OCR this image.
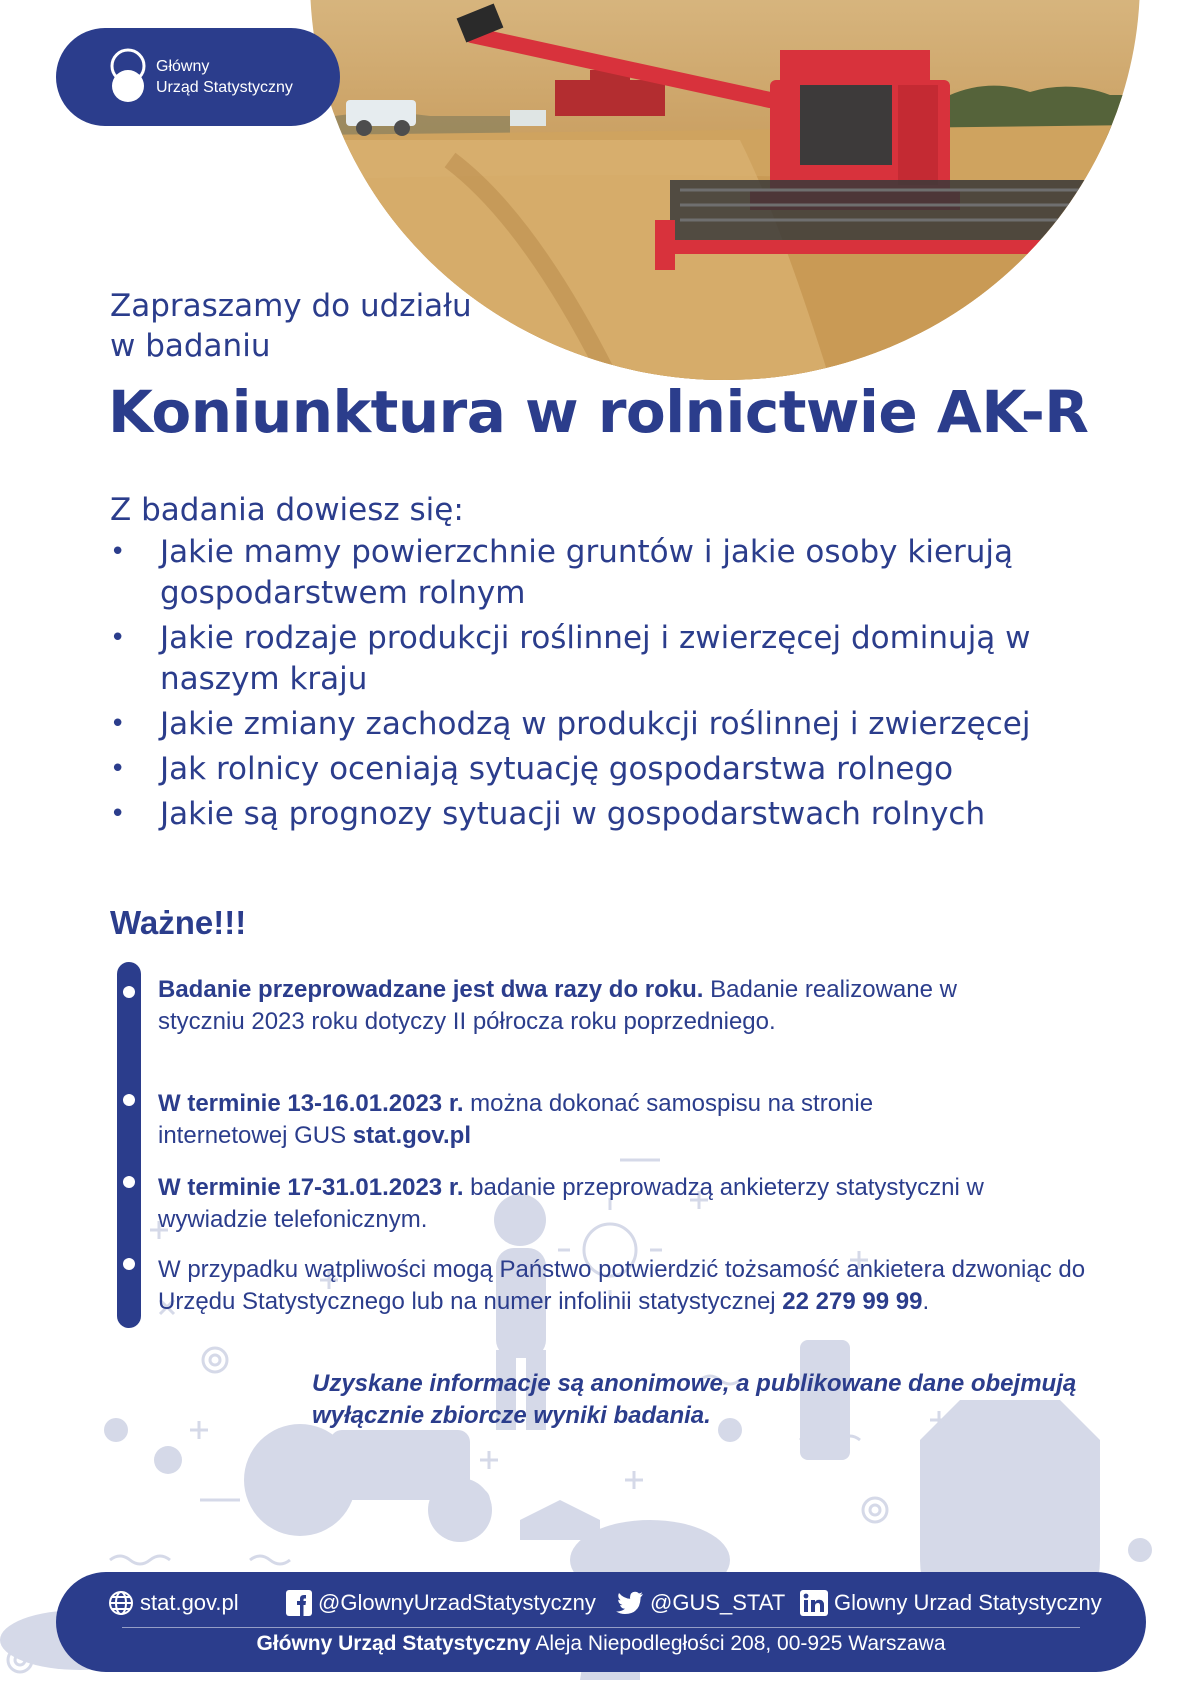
Główny
Urząd Statystyczny
Zapraszamy do udziału
w badaniu
Koniunktura w rolnictwie AK-R
Z badania dowiesz się:
• Jakie mamy powierzchnie gruntów i jakie osoby kierują gospodarstwem rolnym
• Jakie rodzaje produkcji roślinnej i zwierzęcej dominują w naszym kraju
• Jakie zmiany zachodzą w produkcji roślinnej i zwierzęcej
• Jak rolnicy oceniają sytuację gospodarstwa rolnego
• Jakie są prognozy sytuacji w gospodarstwach rolnych
Ważne!!!
Badanie przeprowadzane jest dwa razy do roku. Badanie realizowane w styczniu 2023 roku dotyczy II półrocza roku poprzedniego.
W terminie 13-16.01.2023 r. można dokonać samospisu na stronie internetowej GUS stat.gov.pl
W terminie 17-31.01.2023 r. badanie przeprowadzą ankieterzy statystyczni w wywiadzie telefonicznym.
W przypadku wątpliwości mogą Państwo potwierdzić tożsamość ankietera dzwoniąc do Urzędu Statystycznego lub na numer infolinii statystycznej 22 279 99 99.
Uzyskane informacje są anonimowe, a publikowane dane obejmują wyłącznie zbiorcze wyniki badania.
stat.gov.pl	@GlownyUrzadStatystyczny @GUS_STAT Glowny Urzad Statystyczny
Główny Urząd Statystyczny Aleja Niepodległości 208, 00-925 Warszawa
